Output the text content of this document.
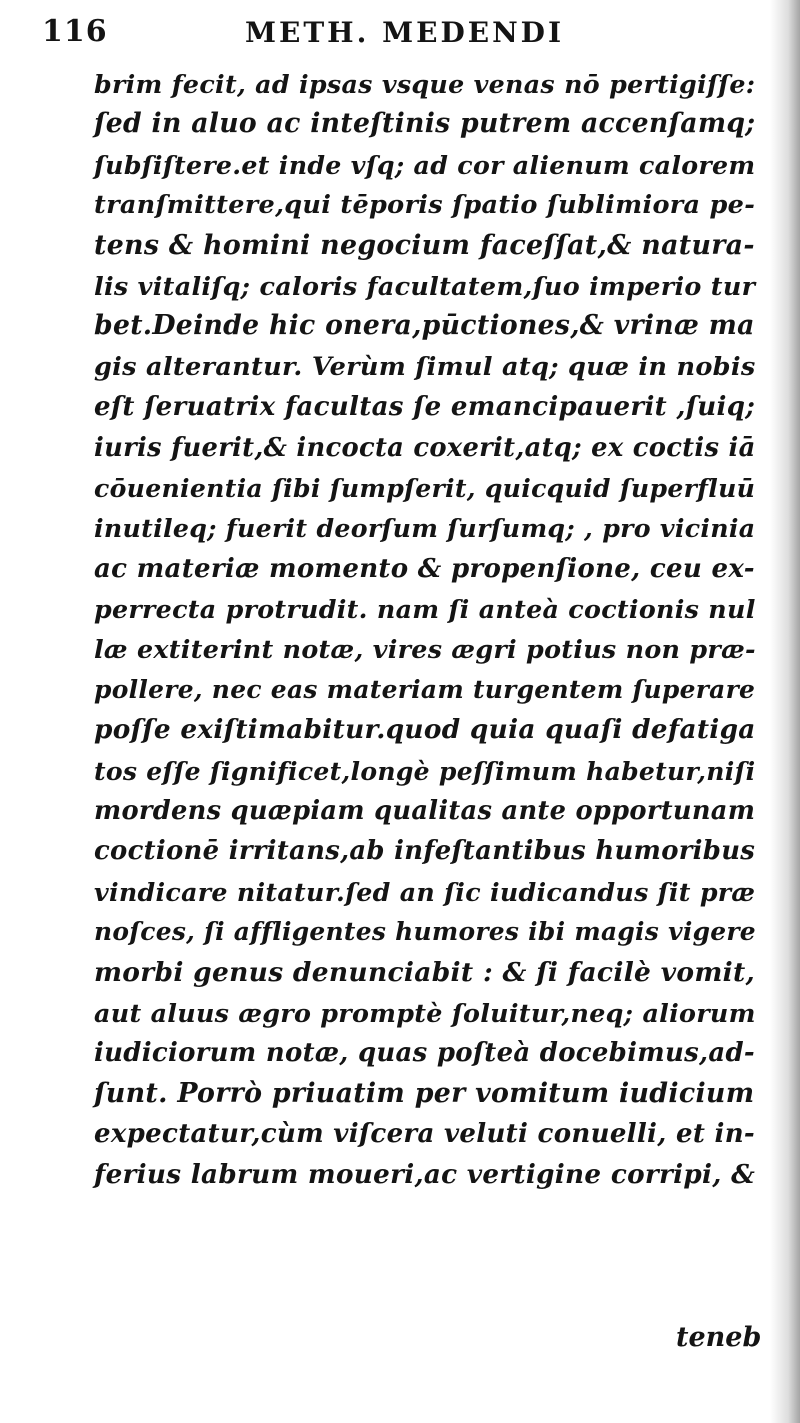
116	METH. MEDENDI
brim fecit, ad ipsas vsque venas nō pertigiſſe:
ſed in aluo ac inteſtinis putrem accenſamq;
ſubſiſtere.et inde vſq; ad cor alienum calorem
tranſmittere,qui tēporis ſpatio ſublimiora pe-
tens & homini negocium faceſſat,& natura-
lis vitaliſq; caloris facultatem,ſuo imperio tur
bet.Deinde hic onera,pūctiones,& vrinæ ma
gis alterantur. Verùm ſimul atq; quæ in nobis
eſt ſeruatrix facultas ſe emancipauerit ,ſuiq;
iuris fuerit,& incocta coxerit,atq; ex coctis iā
cōuenientia ſibi ſumpſerit, quicquid ſuperfluū
inutileq; fuerit deorſum ſurſumq; , pro vicinia
ac materiæ momento & propenſione, ceu ex-
perrecta protrudit. nam ſi anteà coctionis nul
læ extiterint notæ, vires ægri potius non præ-
pollere, nec eas materiam turgentem ſuperare
poſſe exiſtimabitur.quod quia quaſi defatiga
tos eſſe ſignificet,longè peſſimum habetur,niſi
mordens quæpiam qualitas ante opportunam
coctionē irritans,ab infeſtantibus humoribus
vindicare nitatur.ſed an ſic iudicandus ſit præ
noſces, ſi affligentes humores ibi magis vigere
morbi genus denunciabit : & ſi facilè vomit,
aut aluus ægro promptè ſoluitur,neq; aliorum
iudiciorum notæ, quas poſteà docebimus,ad-
ſunt. Porrò priuatim per vomitum iudicium
expectatur,cùm viſcera veluti conuelli, et in-
ferius labrum moueri,ac vertigine corripi, &
teneb
